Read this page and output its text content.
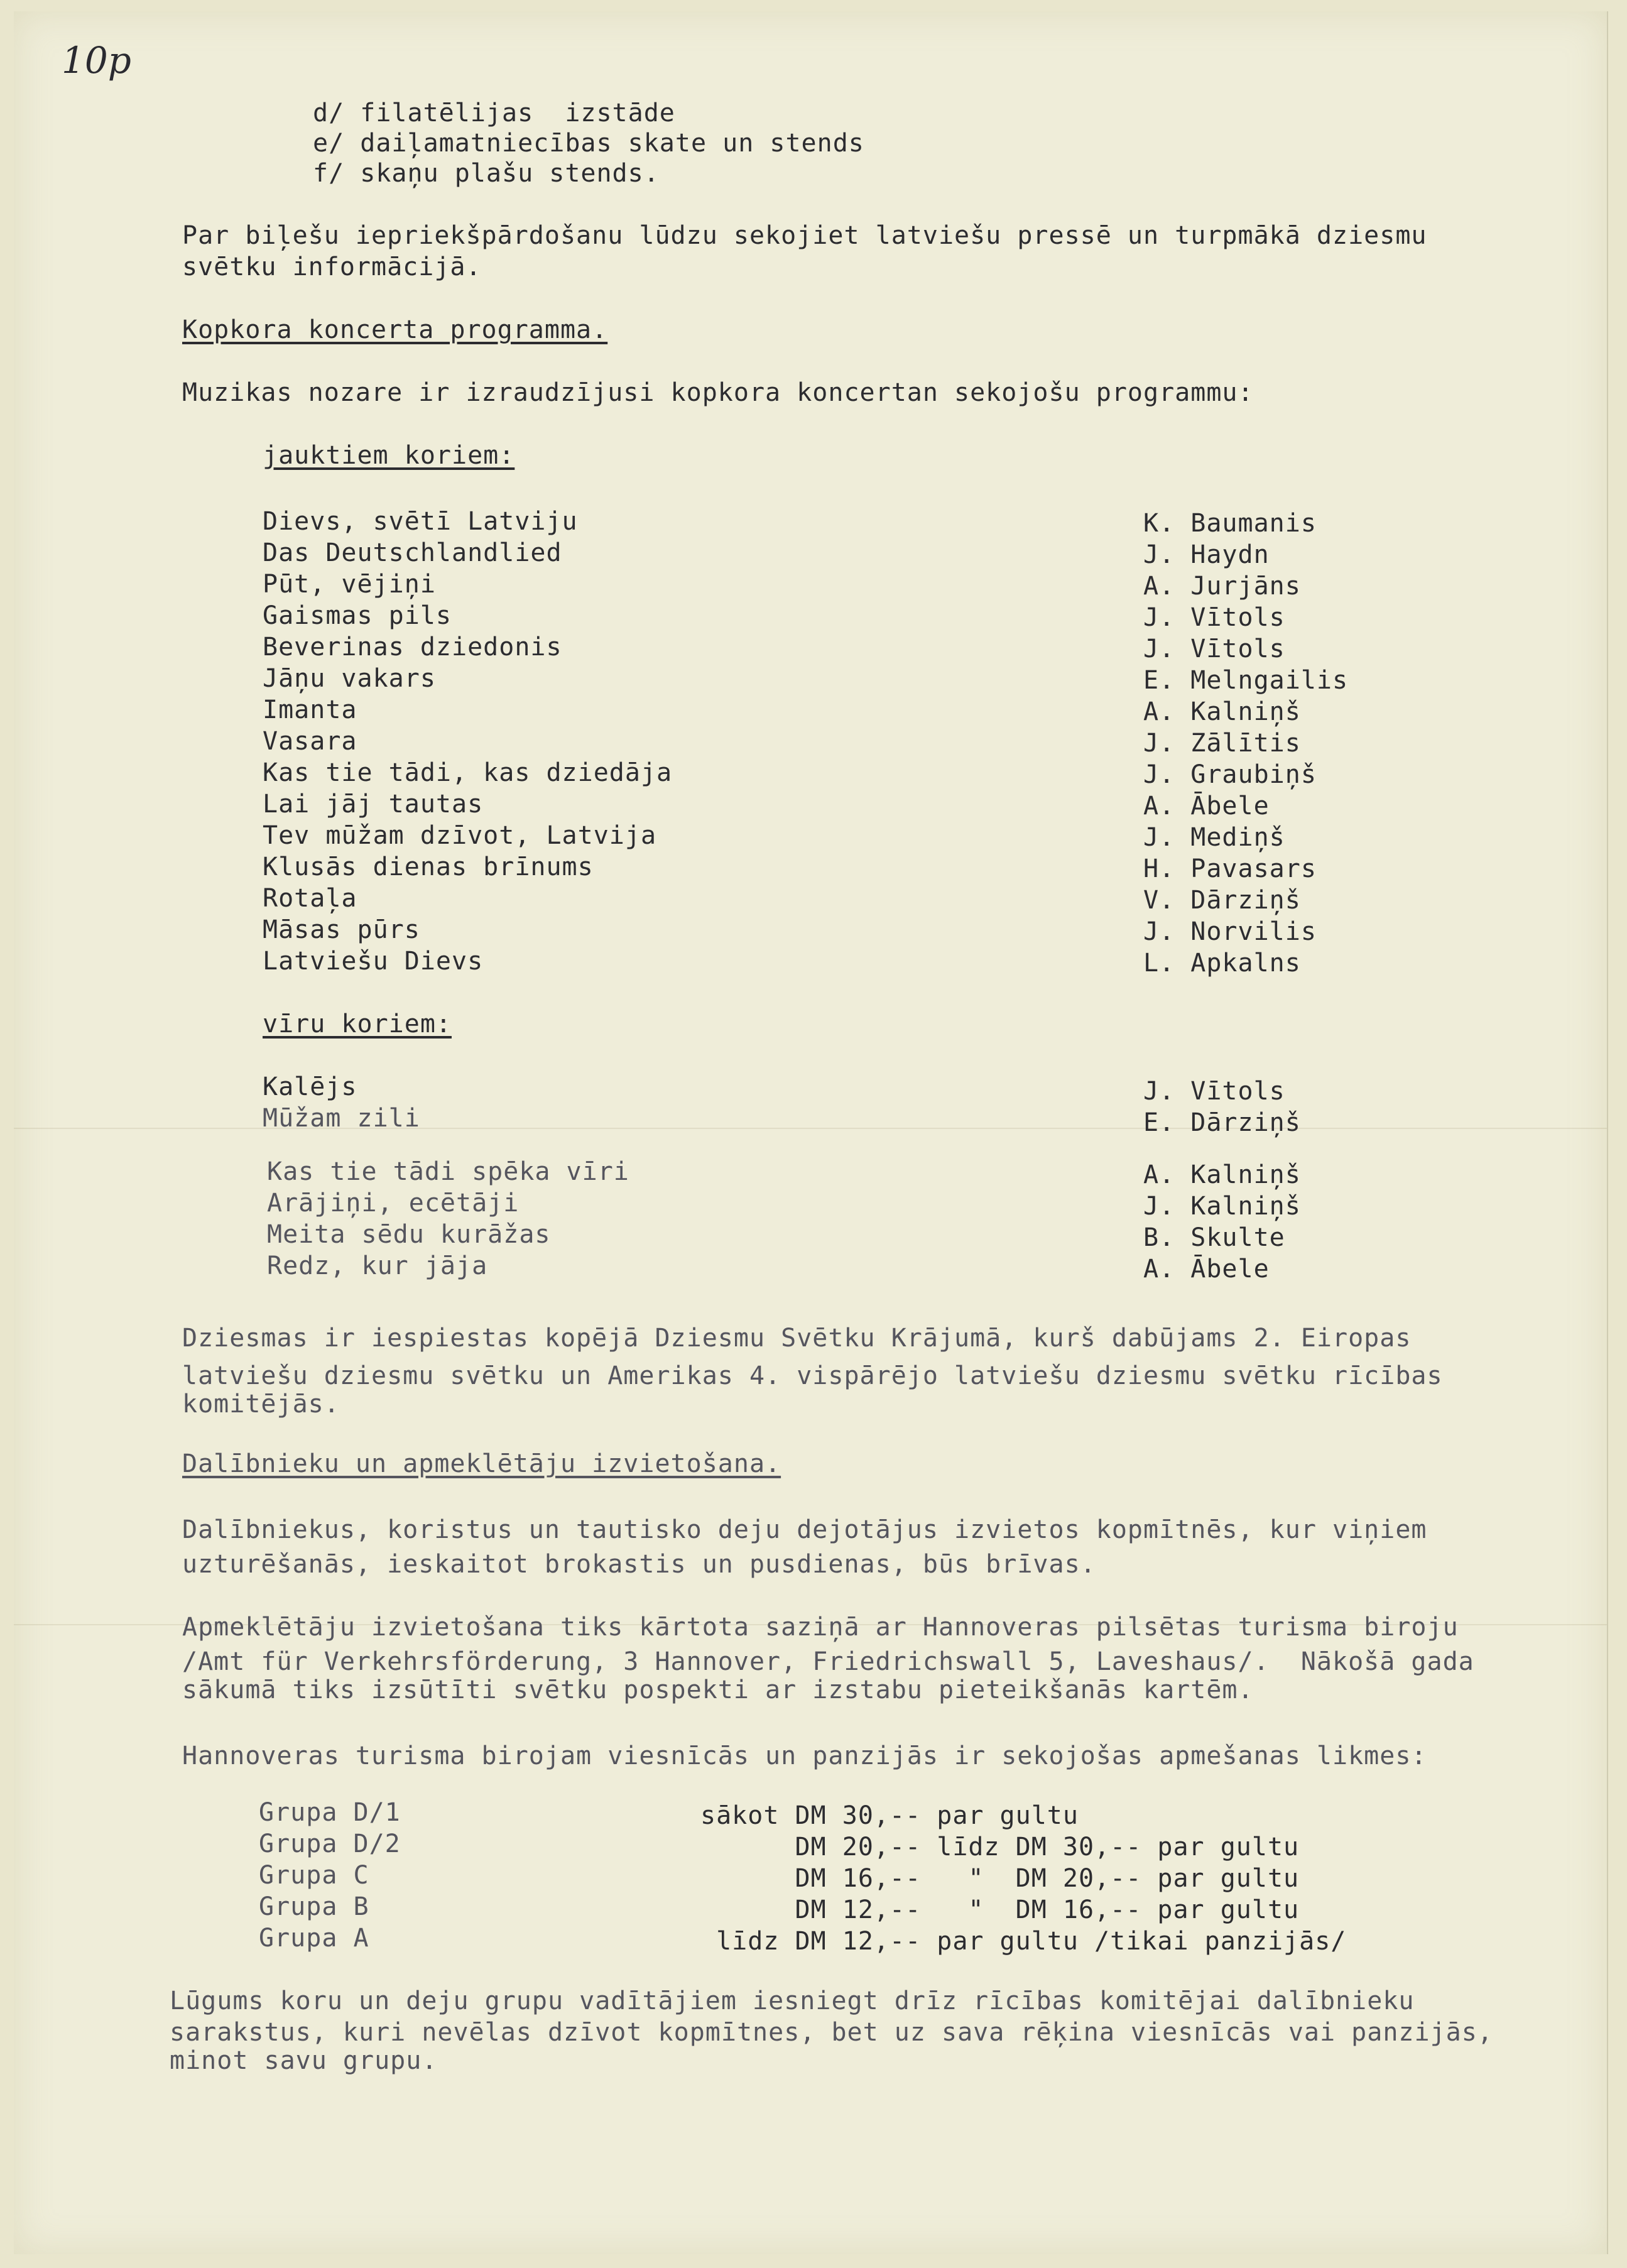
10p
d/ filatēlijas  izstāde
e/ daiļamatniecības skate un stends
f/ skaņu plašu stends.
Par biļešu iepriekšpārdošanu lūdzu sekojiet latviešu pressē un turpmākā dziesmu
svētku informācijā.
Kopkora koncerta programma.
Muzikas nozare ir izraudzījusi kopkora koncertan sekojošu programmu:
jauktiem koriem:
Dievs, svētī Latviju	K. Baumanis
Das Deutschlandlied	J. Haydn
Pūt, vējiņi	A. Jurjāns
Gaismas pils	J. Vītols
Beverinas dziedonis	J. Vītols
Jāņu vakars	E. Melngailis
Imanta	A. Kalniņš
Vasara	J. Zālītis
Kas tie tādi, kas dziedāja	J. Graubiņš
Lai jāj tautas	A. Ābele
Tev mūžam dzīvot, Latvija	J. Mediņš
Klusās dienas brīnums	H. Pavasars
Rotaļa	V. Dārziņš
Māsas pūrs	J. Norvilis
Latviešu Dievs	L. Apkalns
vīru koriem:
Kalējs	J. Vītols
Mūžam zili	E. Dārziņš
Kas tie tādi spēka vīri	A. Kalniņš
Arājiņi, ecētāji	J. Kalniņš
Meita sēdu kurāžas	B. Skulte
Redz, kur jāja	A. Ābele
Dziesmas ir iespiestas kopējā Dziesmu Svētku Krājumā, kurš dabūjams 2. Eiropas
latviešu dziesmu svētku un Amerikas 4. vispārējo latviešu dziesmu svētku rīcības
komitējās.
Dalībnieku un apmeklētāju izvietošana.
Dalībniekus, koristus un tautisko deju dejotājus izvietos kopmītnēs, kur viņiem
uzturēšanās, ieskaitot brokastis un pusdienas, būs brīvas.
Apmeklētāju izvietošana tiks kārtota saziņā ar Hannoveras pilsētas turisma biroju
/Amt für Verkehrsförderung, 3 Hannover, Friedrichswall 5, Laveshaus/.  Nākošā gada
sākumā tiks izsūtīti svētku pospekti ar izstabu pieteikšanās kartēm.
Hannoveras turisma birojam viesnīcās un panzijās ir sekojošas apmešanas likmes:
Grupa D/1	sākot DM 30,-- par gultu
Grupa D/2	DM 20,-- līdz DM 30,-- par gultu
Grupa C	DM 16,--   "  DM 20,-- par gultu
Grupa B	DM 12,--   "  DM 16,-- par gultu
Grupa A	līdz DM 12,-- par gultu /tikai panzijās/
Lūgums koru un deju grupu vadītājiem iesniegt drīz rīcības komitējai dalībnieku
sarakstus, kuri nevēlas dzīvot kopmītnes, bet uz sava rēķina viesnīcās vai panzijās,
minot savu grupu.
